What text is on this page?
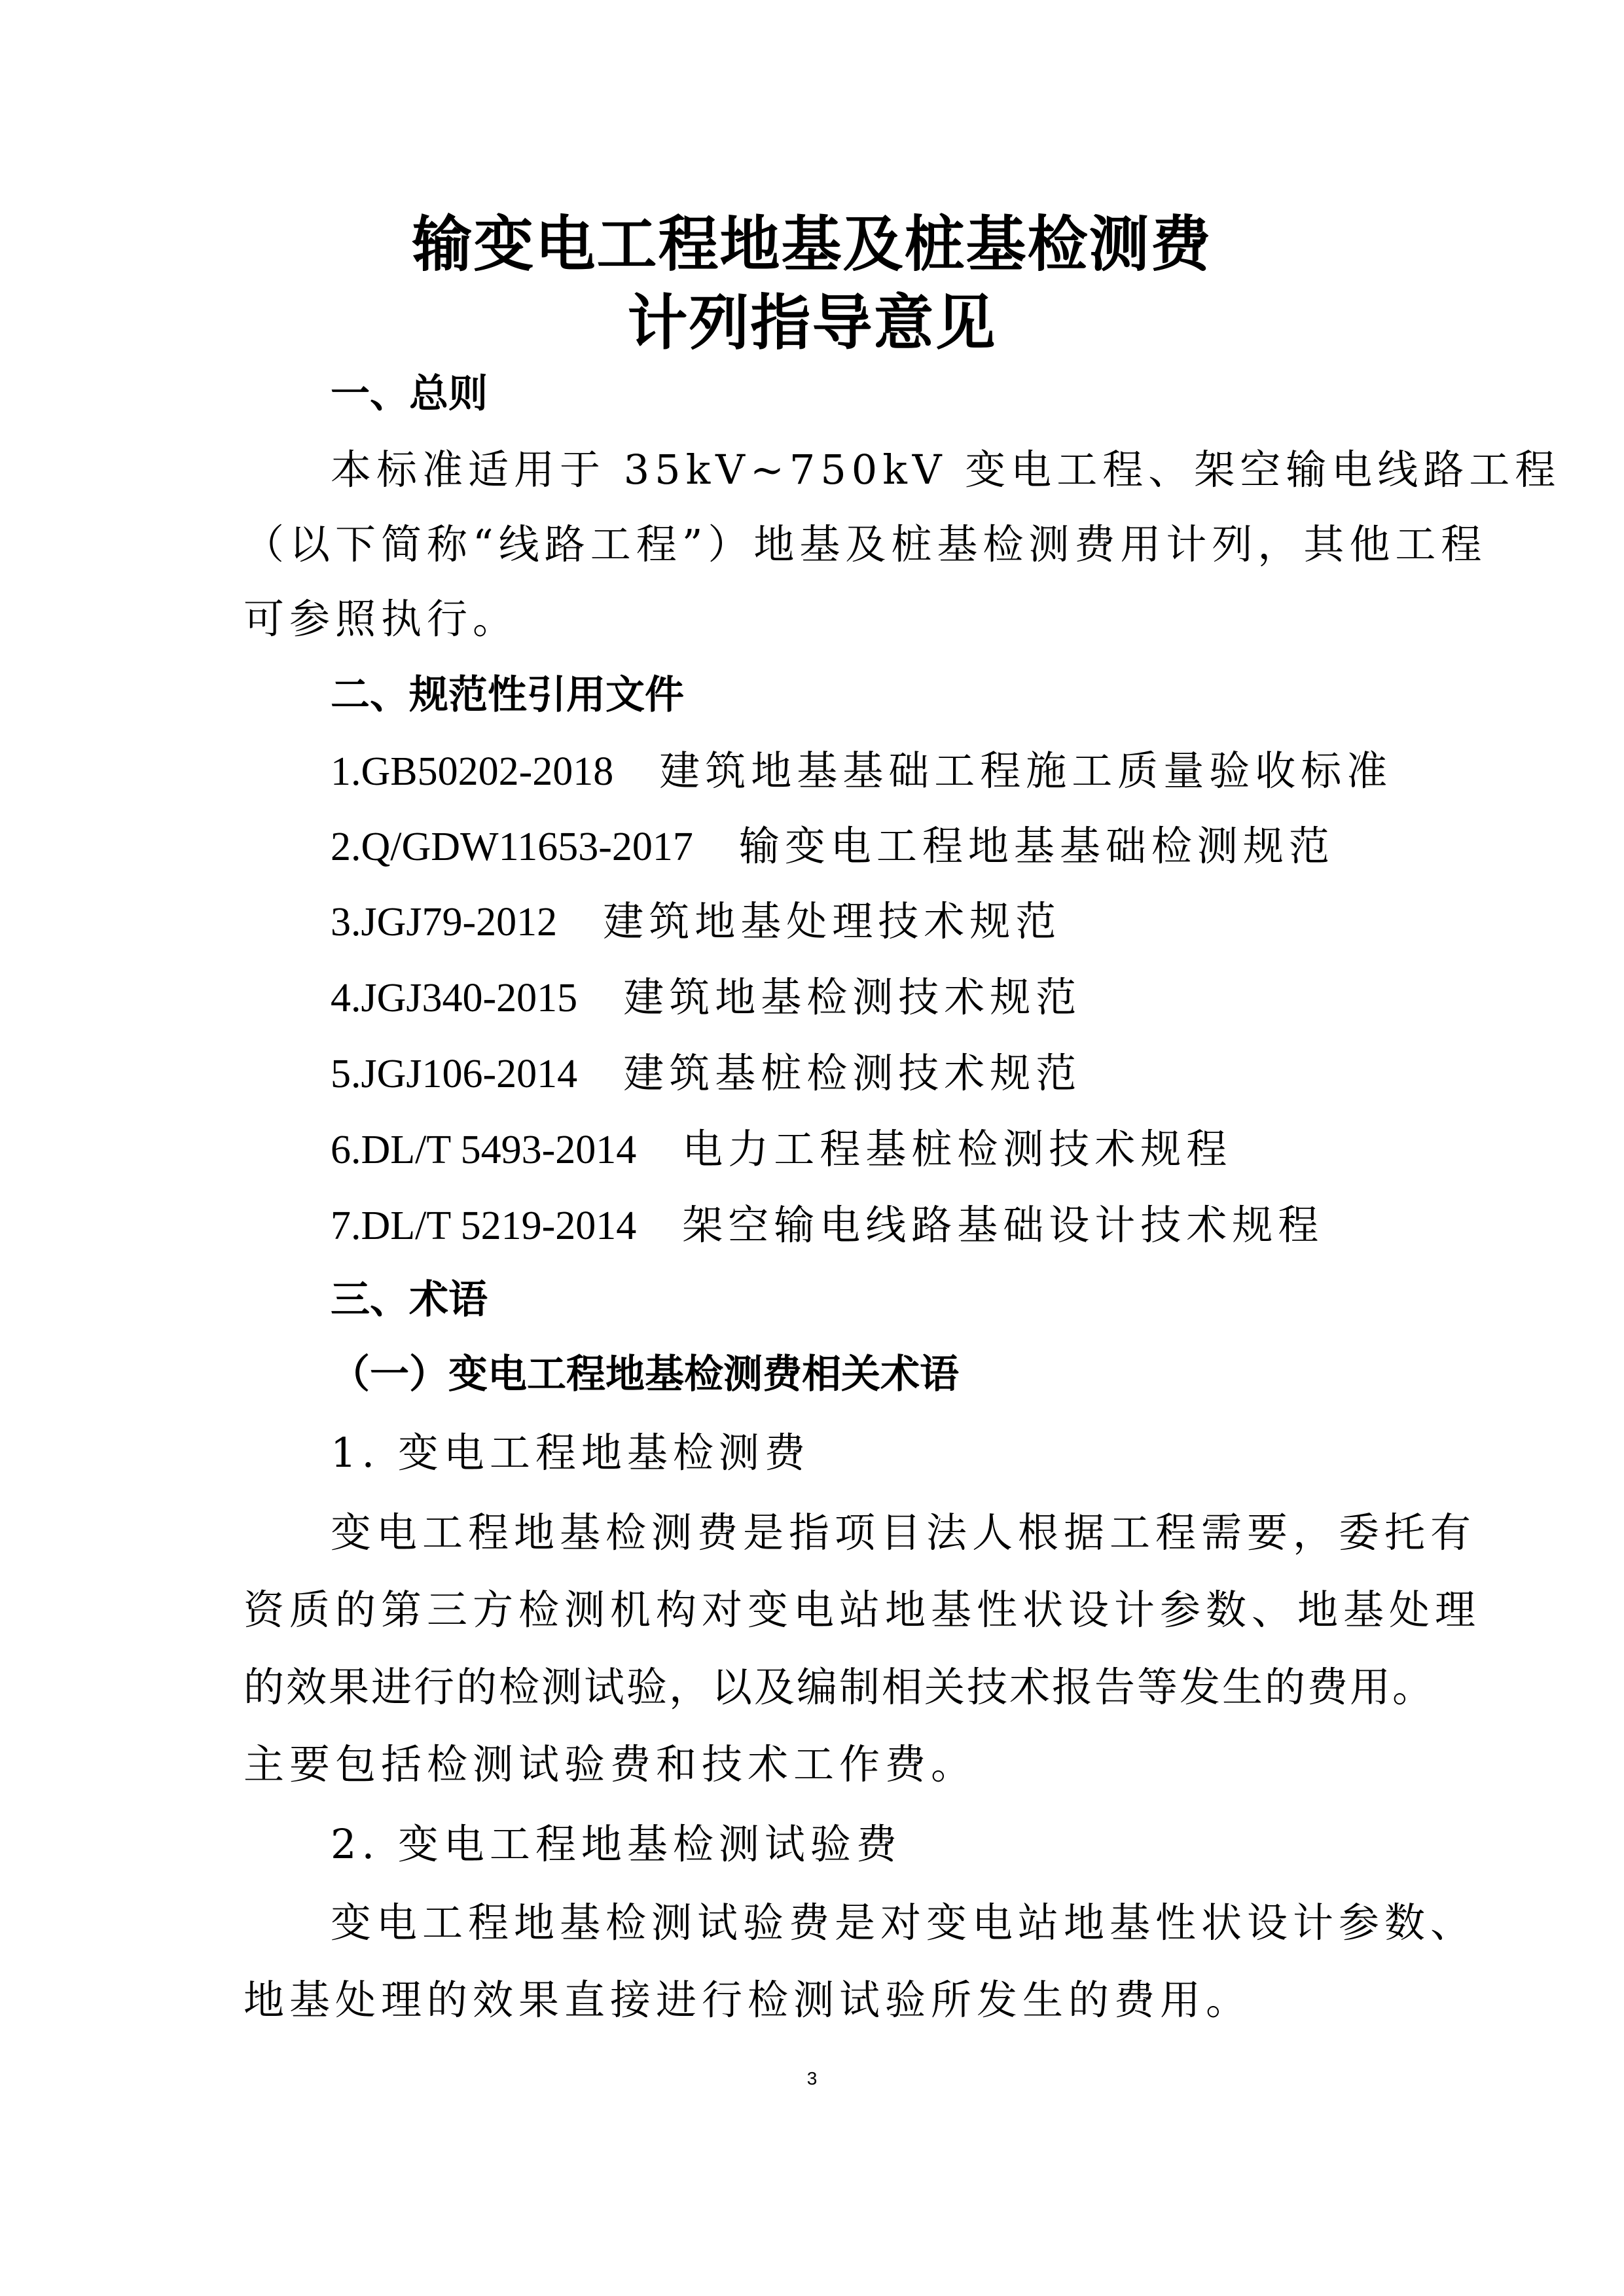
输变电工程地基及桩基检测费
计列指导意见
一、总则
本标准适用于 35kV~750kV 变电工程、架空输电线路工程
（以下简称“线路工程”）地基及桩基检测费用计列，其他工程
可参照执行。
二、规范性引用文件
1.GB50202-2018 建筑地基基础工程施工质量验收标准
2.Q/GDW11653-2017 输变电工程地基基础检测规范
3.JGJ79-2012 建筑地基处理技术规范
4.JGJ340-2015 建筑地基检测技术规范
5.JGJ106-2014 建筑基桩检测技术规范
6.DL/T 5493-2014 电力工程基桩检测技术规程
7.DL/T 5219-2014 架空输电线路基础设计技术规程
三、术语
（一）变电工程地基检测费相关术语
1. 变电工程地基检测费
变电工程地基检测费是指项目法人根据工程需要，委托有
资质的第三方检测机构对变电站地基性状设计参数、地基处理
的效果进行的检测试验，以及编制相关技术报告等发生的费用。
主要包括检测试验费和技术工作费。
2. 变电工程地基检测试验费
变电工程地基检测试验费是对变电站地基性状设计参数、
地基处理的效果直接进行检测试验所发生的费用。
3
